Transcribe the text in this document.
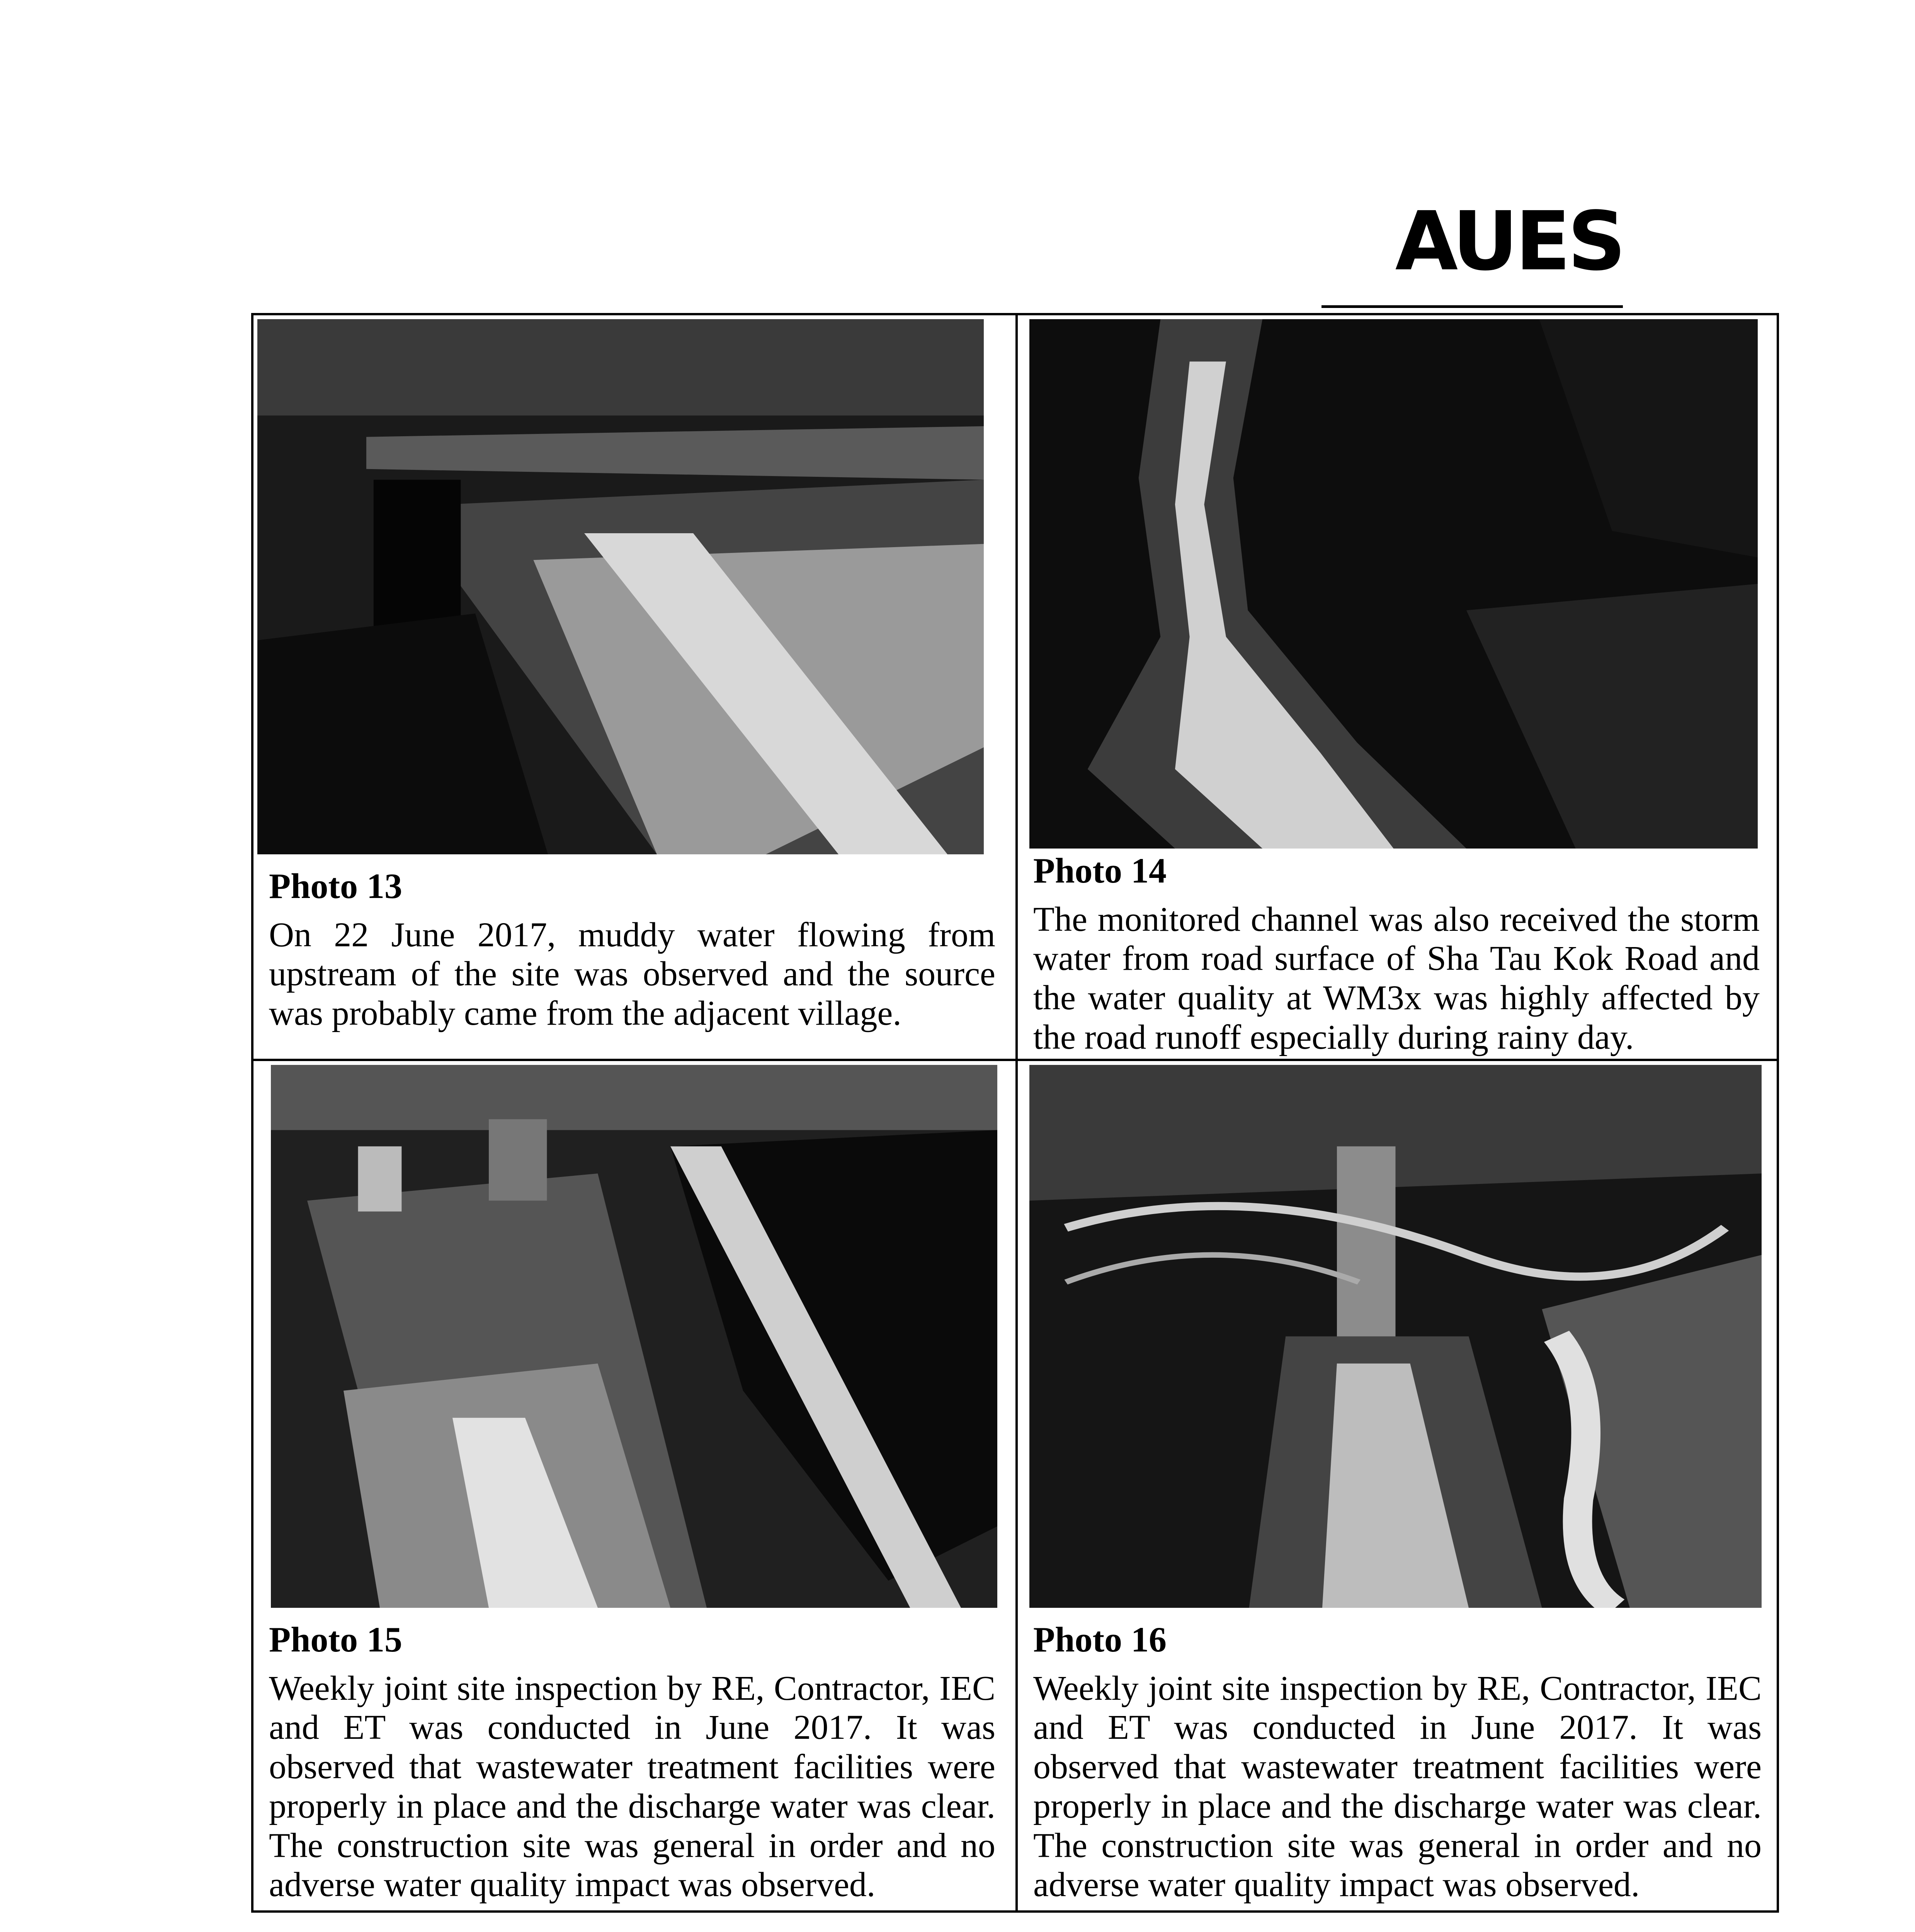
AUES
Photo 13
On 22 June 2017, muddy water flowing from upstream of the site was observed and the source was probably came from the adjacent village.
Photo 14
The monitored channel was also received the storm water from road surface of Sha Tau Kok Road and the water quality at WM3x was highly affected by the road runoff especially during rainy day.
Photo 15
Weekly joint site inspection by RE, Contractor, IEC and ET was conducted in June 2017. It was observed that wastewater treatment facilities were properly in place and the discharge water was clear. The construction site was general in order and no adverse water quality impact was observed.
Photo 16
Weekly joint site inspection by RE, Contractor, IEC and ET was conducted in June 2017. It was observed that wastewater treatment facilities were properly in place and the discharge water was clear. The construction site was general in order and no adverse water quality impact was observed.
